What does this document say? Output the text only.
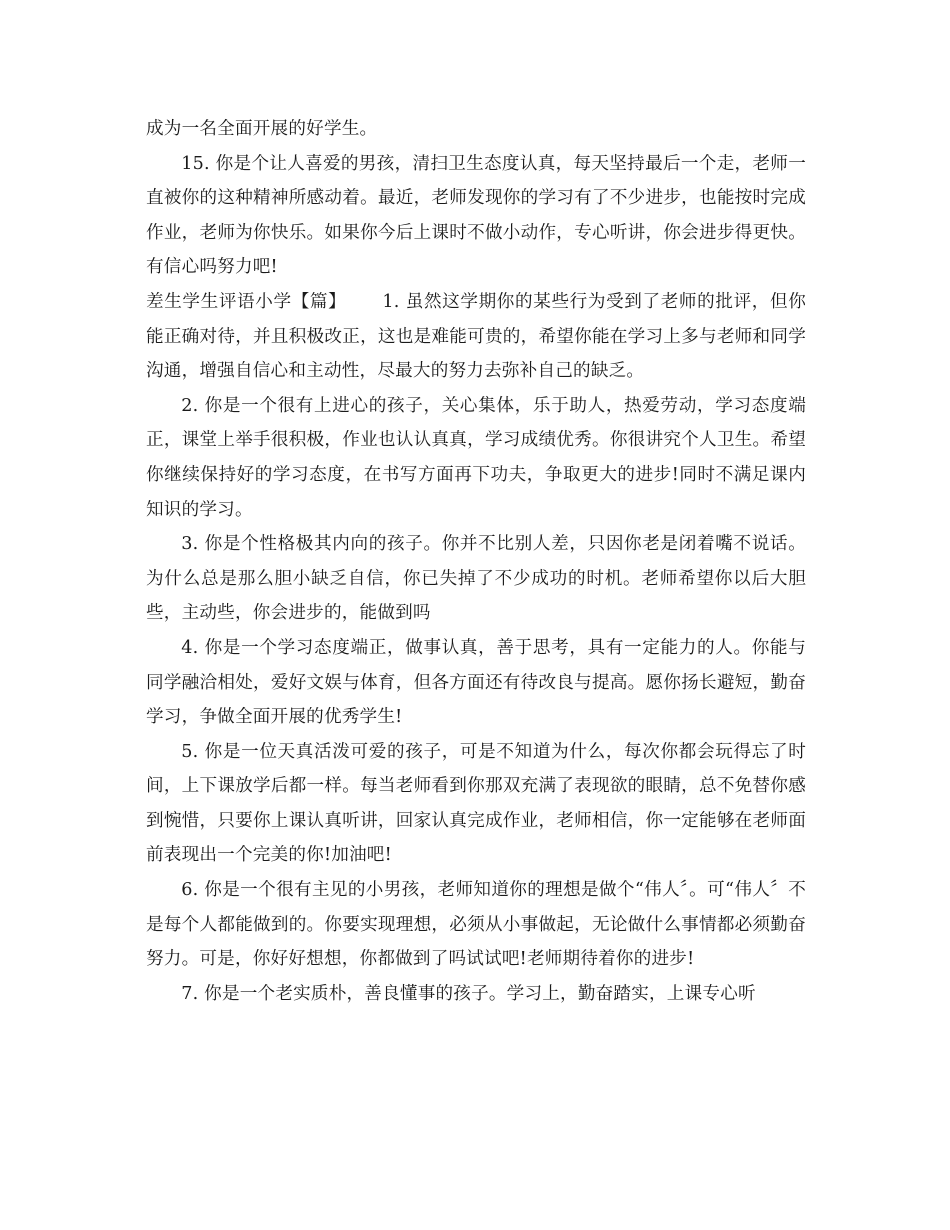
成为一名全面开展的好学生。

15. 你是个让人喜爱的男孩，清扫卫生态度认真，每天坚持最后一个走，老师一直被你的这种精神所感动着。最近，老师发现你的学习有了不少进步，也能按时完成作业，老师为你快乐。如果你今后上课时不做小动作，专心听讲，你会进步得更快。有信心吗努力吧!

差生学生评语小学【篇】 1. 虽然这学期你的某些行为受到了老师的批评，但你能正确对待，并且积极改正，这也是难能可贵的，希望你能在学习上多与老师和同学沟通，增强自信心和主动性，尽最大的努力去弥补自己的缺乏。

2. 你是一个很有上进心的孩子，关心集体，乐于助人，热爱劳动，学习态度端正，课堂上举手很积极，作业也认认真真，学习成绩优秀。你很讲究个人卫生。希望你继续保持好的学习态度，在书写方面再下功夫，争取更大的进步!同时不满足课内知识的学习。

3. 你是个性格极其内向的孩子。你并不比别人差，只因你老是闭着嘴不说话。为什么总是那么胆小缺乏自信，你已失掉了不少成功的时机。老师希望你以后大胆些，主动些，你会进步的，能做到吗

4. 你是一个学习态度端正，做事认真，善于思考，具有一定能力的人。你能与同学融洽相处，爱好文娱与体育，但各方面还有待改良与提高。愿你扬长避短，勤奋学习，争做全面开展的优秀学生!

5. 你是一位天真活泼可爱的孩子，可是不知道为什么，每次你都会玩得忘了时间，上下课放学后都一样。每当老师看到你那双充满了表现欲的眼睛，总不免替你感到惋惜，只要你上课认真听讲，回家认真完成作业，老师相信，你一定能够在老师面前表现出一个完美的你!加油吧!

6. 你是一个很有主见的小男孩，老师知道你的理想是做个“伟人〞。可“伟人〞不是每个人都能做到的。你要实现理想，必须从小事做起，无论做什么事情都必须勤奋努力。可是，你好好想想，你都做到了吗试试吧!老师期待着你的进步!

7. 你是一个老实质朴，善良懂事的孩子。学习上，勤奋踏实，上课专心听
